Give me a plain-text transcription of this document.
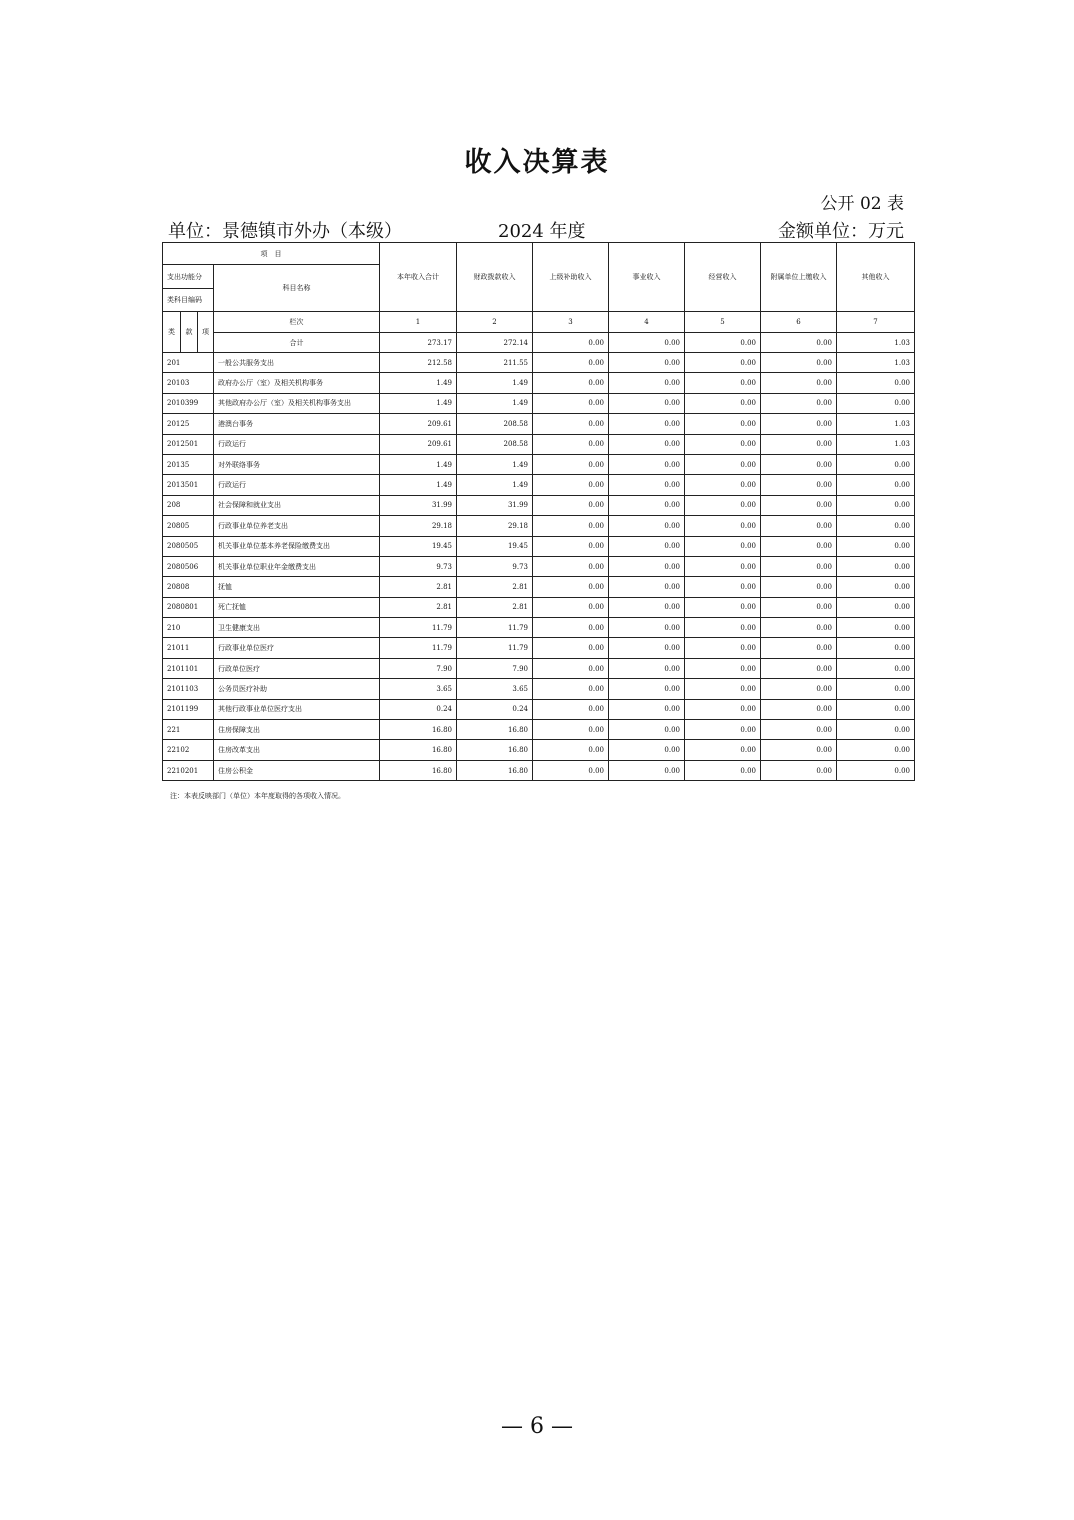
收入决算表
公开 02 表
单位：景德镇市外办（本级）	2024 年度	金额单位：万元
项　目				本年收入合计	财政拨款收入	上级补助收入	事业收入	经营收入	附属单位上缴收入	其他收入
支出功能分			科目名称							
类科目编码										
类	款	项	栏次	1	2	3	4	5	6	7
			合计	273.17	272.14	0.00	0.00	0.00	0.00	1.03
201			一般公共服务支出	212.58	211.55	0.00	0.00	0.00	0.00	1.03
20103			政府办公厅（室）及相关机构事务	1.49	1.49	0.00	0.00	0.00	0.00	0.00
2010399			其他政府办公厅（室）及相关机构事务支出	1.49	1.49	0.00	0.00	0.00	0.00	0.00
20125			港澳台事务	209.61	208.58	0.00	0.00	0.00	0.00	1.03
2012501			行政运行	209.61	208.58	0.00	0.00	0.00	0.00	1.03
20135			对外联络事务	1.49	1.49	0.00	0.00	0.00	0.00	0.00
2013501			行政运行	1.49	1.49	0.00	0.00	0.00	0.00	0.00
208			社会保障和就业支出	31.99	31.99	0.00	0.00	0.00	0.00	0.00
20805			行政事业单位养老支出	29.18	29.18	0.00	0.00	0.00	0.00	0.00
2080505			机关事业单位基本养老保险缴费支出	19.45	19.45	0.00	0.00	0.00	0.00	0.00
2080506			机关事业单位职业年金缴费支出	9.73	9.73	0.00	0.00	0.00	0.00	0.00
20808			抚恤	2.81	2.81	0.00	0.00	0.00	0.00	0.00
2080801			死亡抚恤	2.81	2.81	0.00	0.00	0.00	0.00	0.00
210			卫生健康支出	11.79	11.79	0.00	0.00	0.00	0.00	0.00
21011			行政事业单位医疗	11.79	11.79	0.00	0.00	0.00	0.00	0.00
2101101			行政单位医疗	7.90	7.90	0.00	0.00	0.00	0.00	0.00
2101103			公务员医疗补助	3.65	3.65	0.00	0.00	0.00	0.00	0.00
2101199			其他行政事业单位医疗支出	0.24	0.24	0.00	0.00	0.00	0.00	0.00
221			住房保障支出	16.80	16.80	0.00	0.00	0.00	0.00	0.00
22102			住房改革支出	16.80	16.80	0.00	0.00	0.00	0.00	0.00
2210201			住房公积金	16.80	16.80	0.00	0.00	0.00	0.00	0.00
注：本表反映部门（单位）本年度取得的各项收入情况。
— 6 —
